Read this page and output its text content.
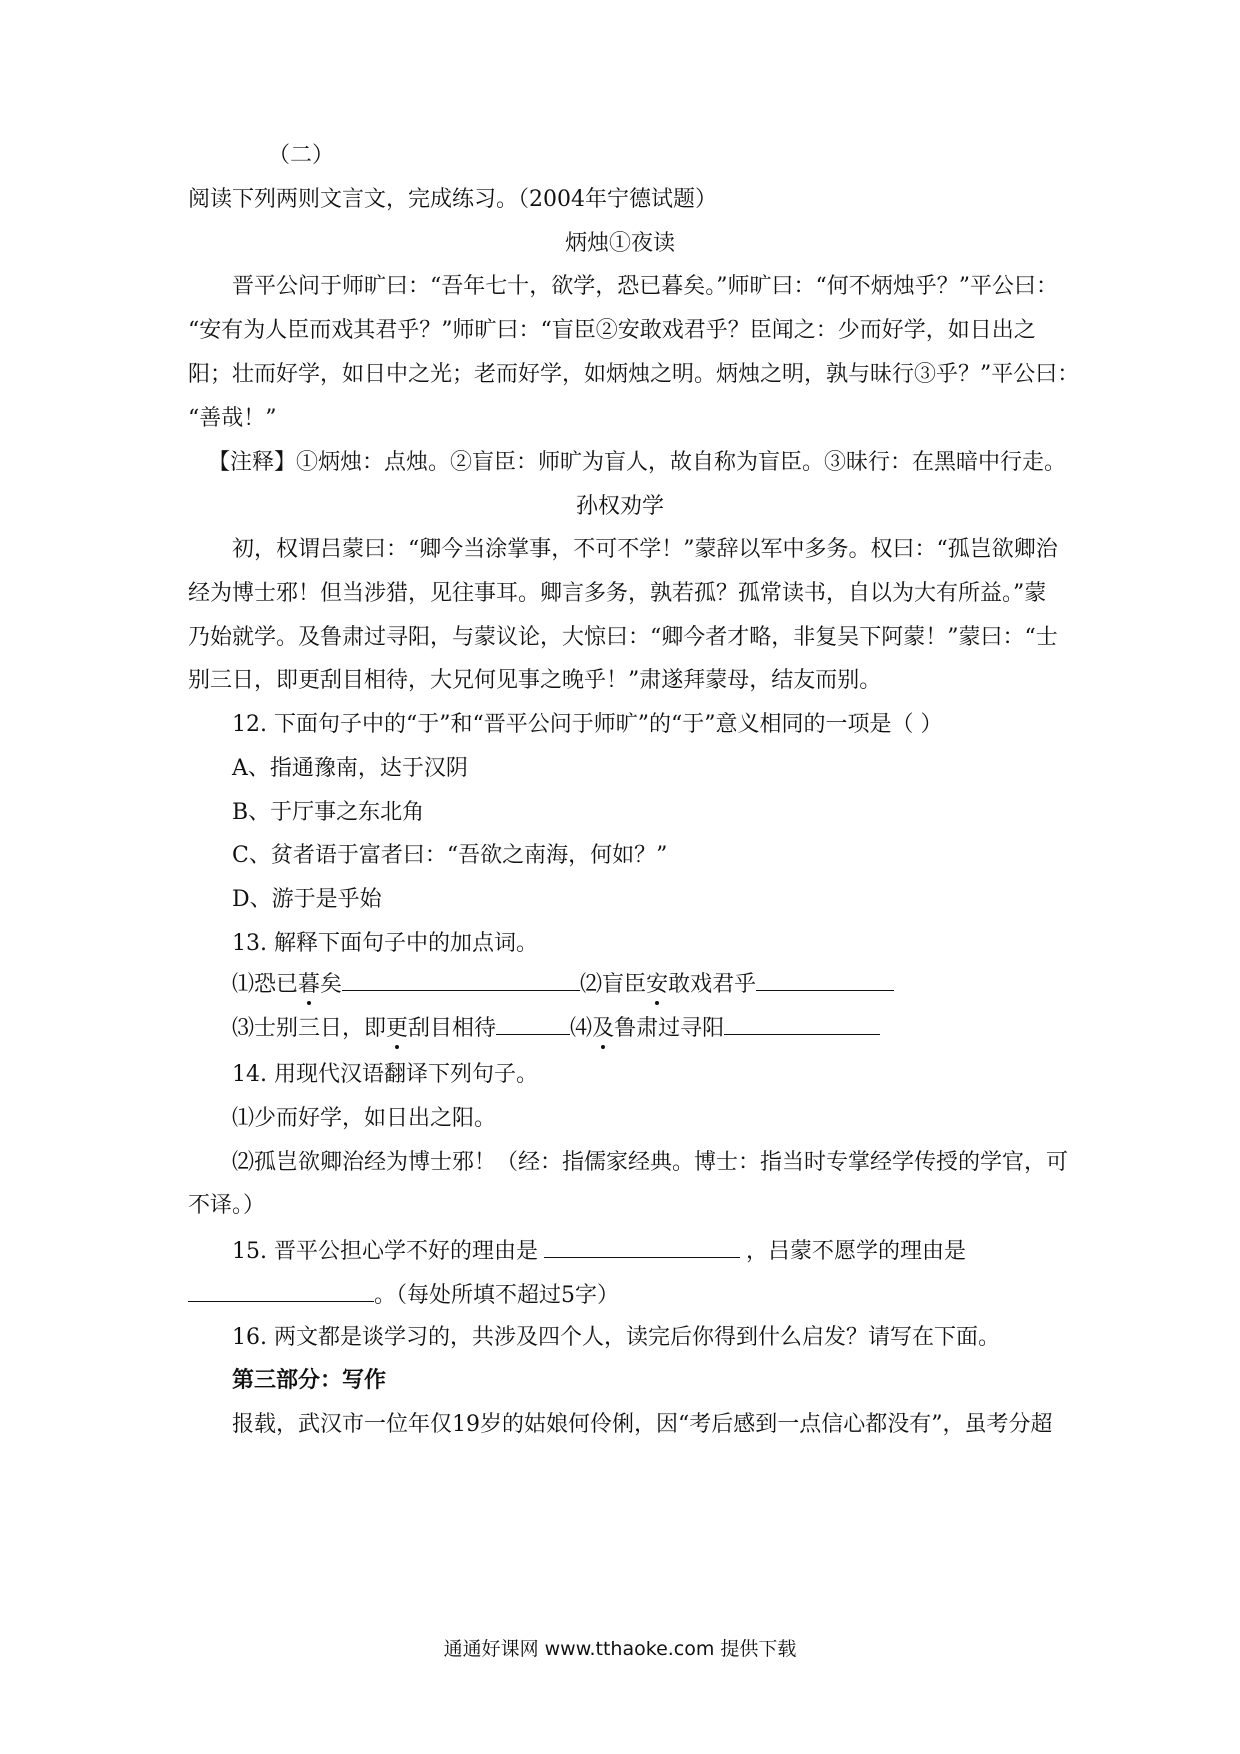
（二）
阅读下列两则文言文，完成练习。（2004年宁德试题）
炳烛①夜读
晋平公问于师旷曰：“吾年七十，欲学，恐已暮矣。”师旷曰：“何不炳烛乎？”平公曰：
“安有为人臣而戏其君乎？”师旷曰：“盲臣②安敢戏君乎？臣闻之：少而好学，如日出之
阳；壮而好学，如日中之光；老而好学，如炳烛之明。炳烛之明，孰与昧行③乎？”平公曰：
“善哉！”
【注释】①炳烛：点烛。②盲臣：师旷为盲人，故自称为盲臣。③昧行：在黑暗中行走。
孙权劝学
初，权谓吕蒙曰：“卿今当涂掌事，不可不学！”蒙辞以军中多务。权曰：“孤岂欲卿治
经为博士邪！但当涉猎，见往事耳。卿言多务，孰若孤？孤常读书，自以为大有所益。”蒙
乃始就学。及鲁肃过寻阳，与蒙议论，大惊曰：“卿今者才略，非复吴下阿蒙！”蒙曰：“士
别三日，即更刮目相待，大兄何见事之晚乎！”肃遂拜蒙母，结友而别。
12. 下面句子中的“于”和“晋平公问于师旷”的“于”意义相同的一项是（ ）
A、指通豫南，达于汉阴
B、于厅事之东北角
C、贫者语于富者曰：“吾欲之南海，何如？”
D、游于是乎始
13. 解释下面句子中的加点词。
⑴恐已暮矣	⑵盲臣安敢戏君乎
⑶士别三日，即更刮目相待	⑷及鲁肃过寻阳
14. 用现代汉语翻译下列句子。
⑴少而好学，如日出之阳。
⑵孤岂欲卿治经为博士邪！（经：指儒家经典。博士：指当时专掌经学传授的学官，可
不译。）
15. 晋平公担心学不好的理由是	，吕蒙不愿学的理由是
。（每处所填不超过5字）
16. 两文都是谈学习的，共涉及四个人，读完后你得到什么启发？请写在下面。
第三部分：写作
报载，武汉市一位年仅19岁的姑娘何伶俐，因“考后感到一点信心都没有”，虽考分超
通通好课网 www.tthaoke.com 提供下载
